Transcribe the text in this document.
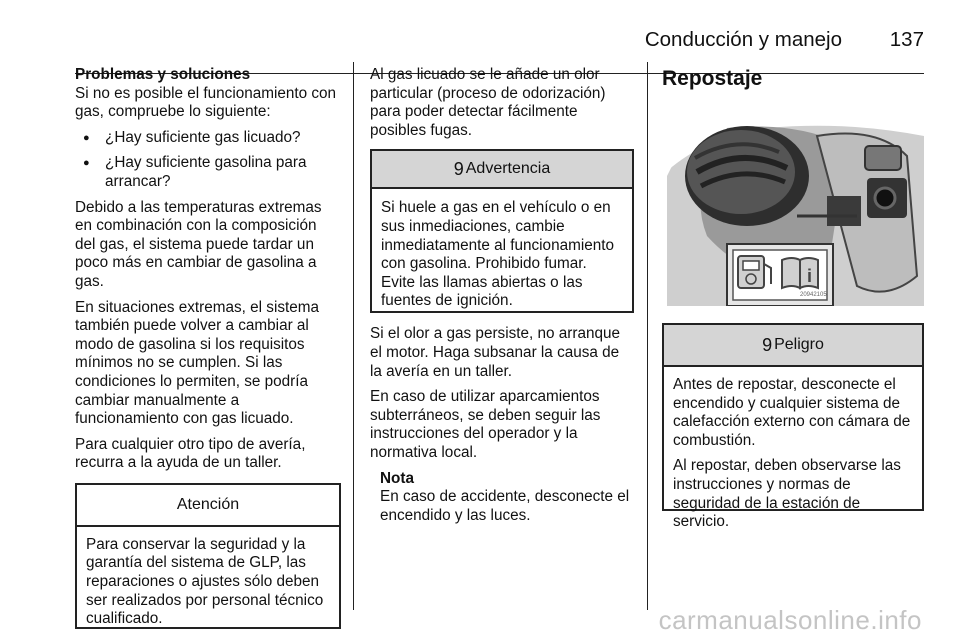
Conducción y manejo 137

Problemas y soluciones

Si no es posible el funcionamiento con gas, compruebe lo siguiente:

● ¿Hay suficiente gas licuado?
● ¿Hay suficiente gasolina para arrancar?

Debido a las temperaturas extremas en combinación con la composición del gas, el sistema puede tardar un poco más en cambiar de gasolina a gas.

En situaciones extremas, el sistema también puede volver a cambiar al modo de gasolina si los requisitos mínimos no se cumplen. Si las condiciones lo permiten, se podría cambiar manualmente a funcionamiento con gas licuado.

Para cualquier otro tipo de avería, recurra a la ayuda de un taller.

Atención

Para conservar la seguridad y la garantía del sistema de GLP, las reparaciones o ajustes sólo deben ser realizados por personal técnico cualificado.

Al gas licuado se le añade un olor particular (proceso de odorización) para poder detectar fácilmente posibles fugas.

9 Advertencia

Si huele a gas en el vehículo o en sus inmediaciones, cambie inmediatamente al funcionamiento con gasolina. Prohibido fumar. Evite las llamas abiertas o las fuentes de ignición.

Si el olor a gas persiste, no arranque el motor. Haga subsanar la causa de la avería en un taller.

En caso de utilizar aparcamientos subterráneos, se deben seguir las instrucciones del operador y la normativa local.

Nota
En caso de accidente, desconecte el encendido y las luces.
Repostaje
i
20942105
9 Peligro

Antes de repostar, desconecte el encendido y cualquier sistema de calefacción externo con cámara de combustión.

Al repostar, deben observarse las instrucciones y normas de seguridad de la estación de servicio.

carmanualsonline.info
